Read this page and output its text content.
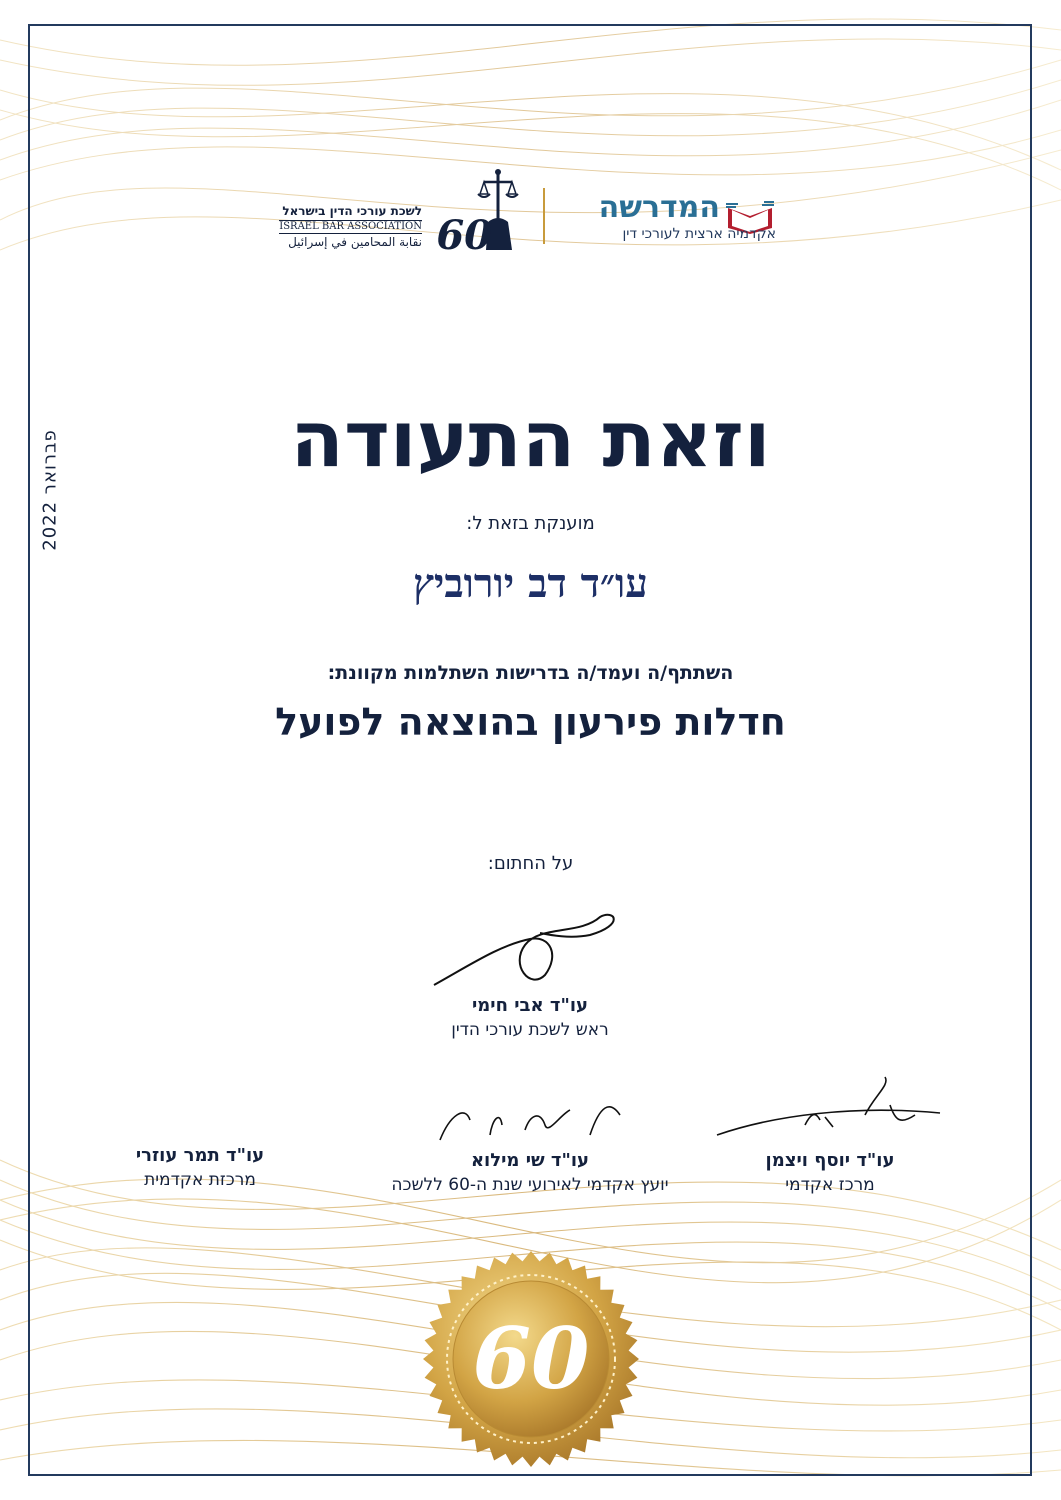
המדרשה
אקדמיה ארצית לעורכי דין
60
לשכת עורכי הדין בישראל
ISRAEL BAR ASSOCIATION
نقابة المحامين في إسرائيل
פברואר 2022	וזאת התעודה
מוענקת בזאת ל:
עו״ד דב יורוביץ
השתתף/ה ועמד/ה בדרישות השתלמות מקוונת:
חדלות פירעון בהוצאה לפועל
על החתום:
עו"ד אבי חימי
ראש לשכת עורכי הדין
עו"ד יוסף ויצמן
מרכז אקדמי
עו"ד שי מילוא
יועץ אקדמי לאירועי שנת ה-60 ללשכה
עו"ד תמר עוזרי
מרכזת אקדמית
60
